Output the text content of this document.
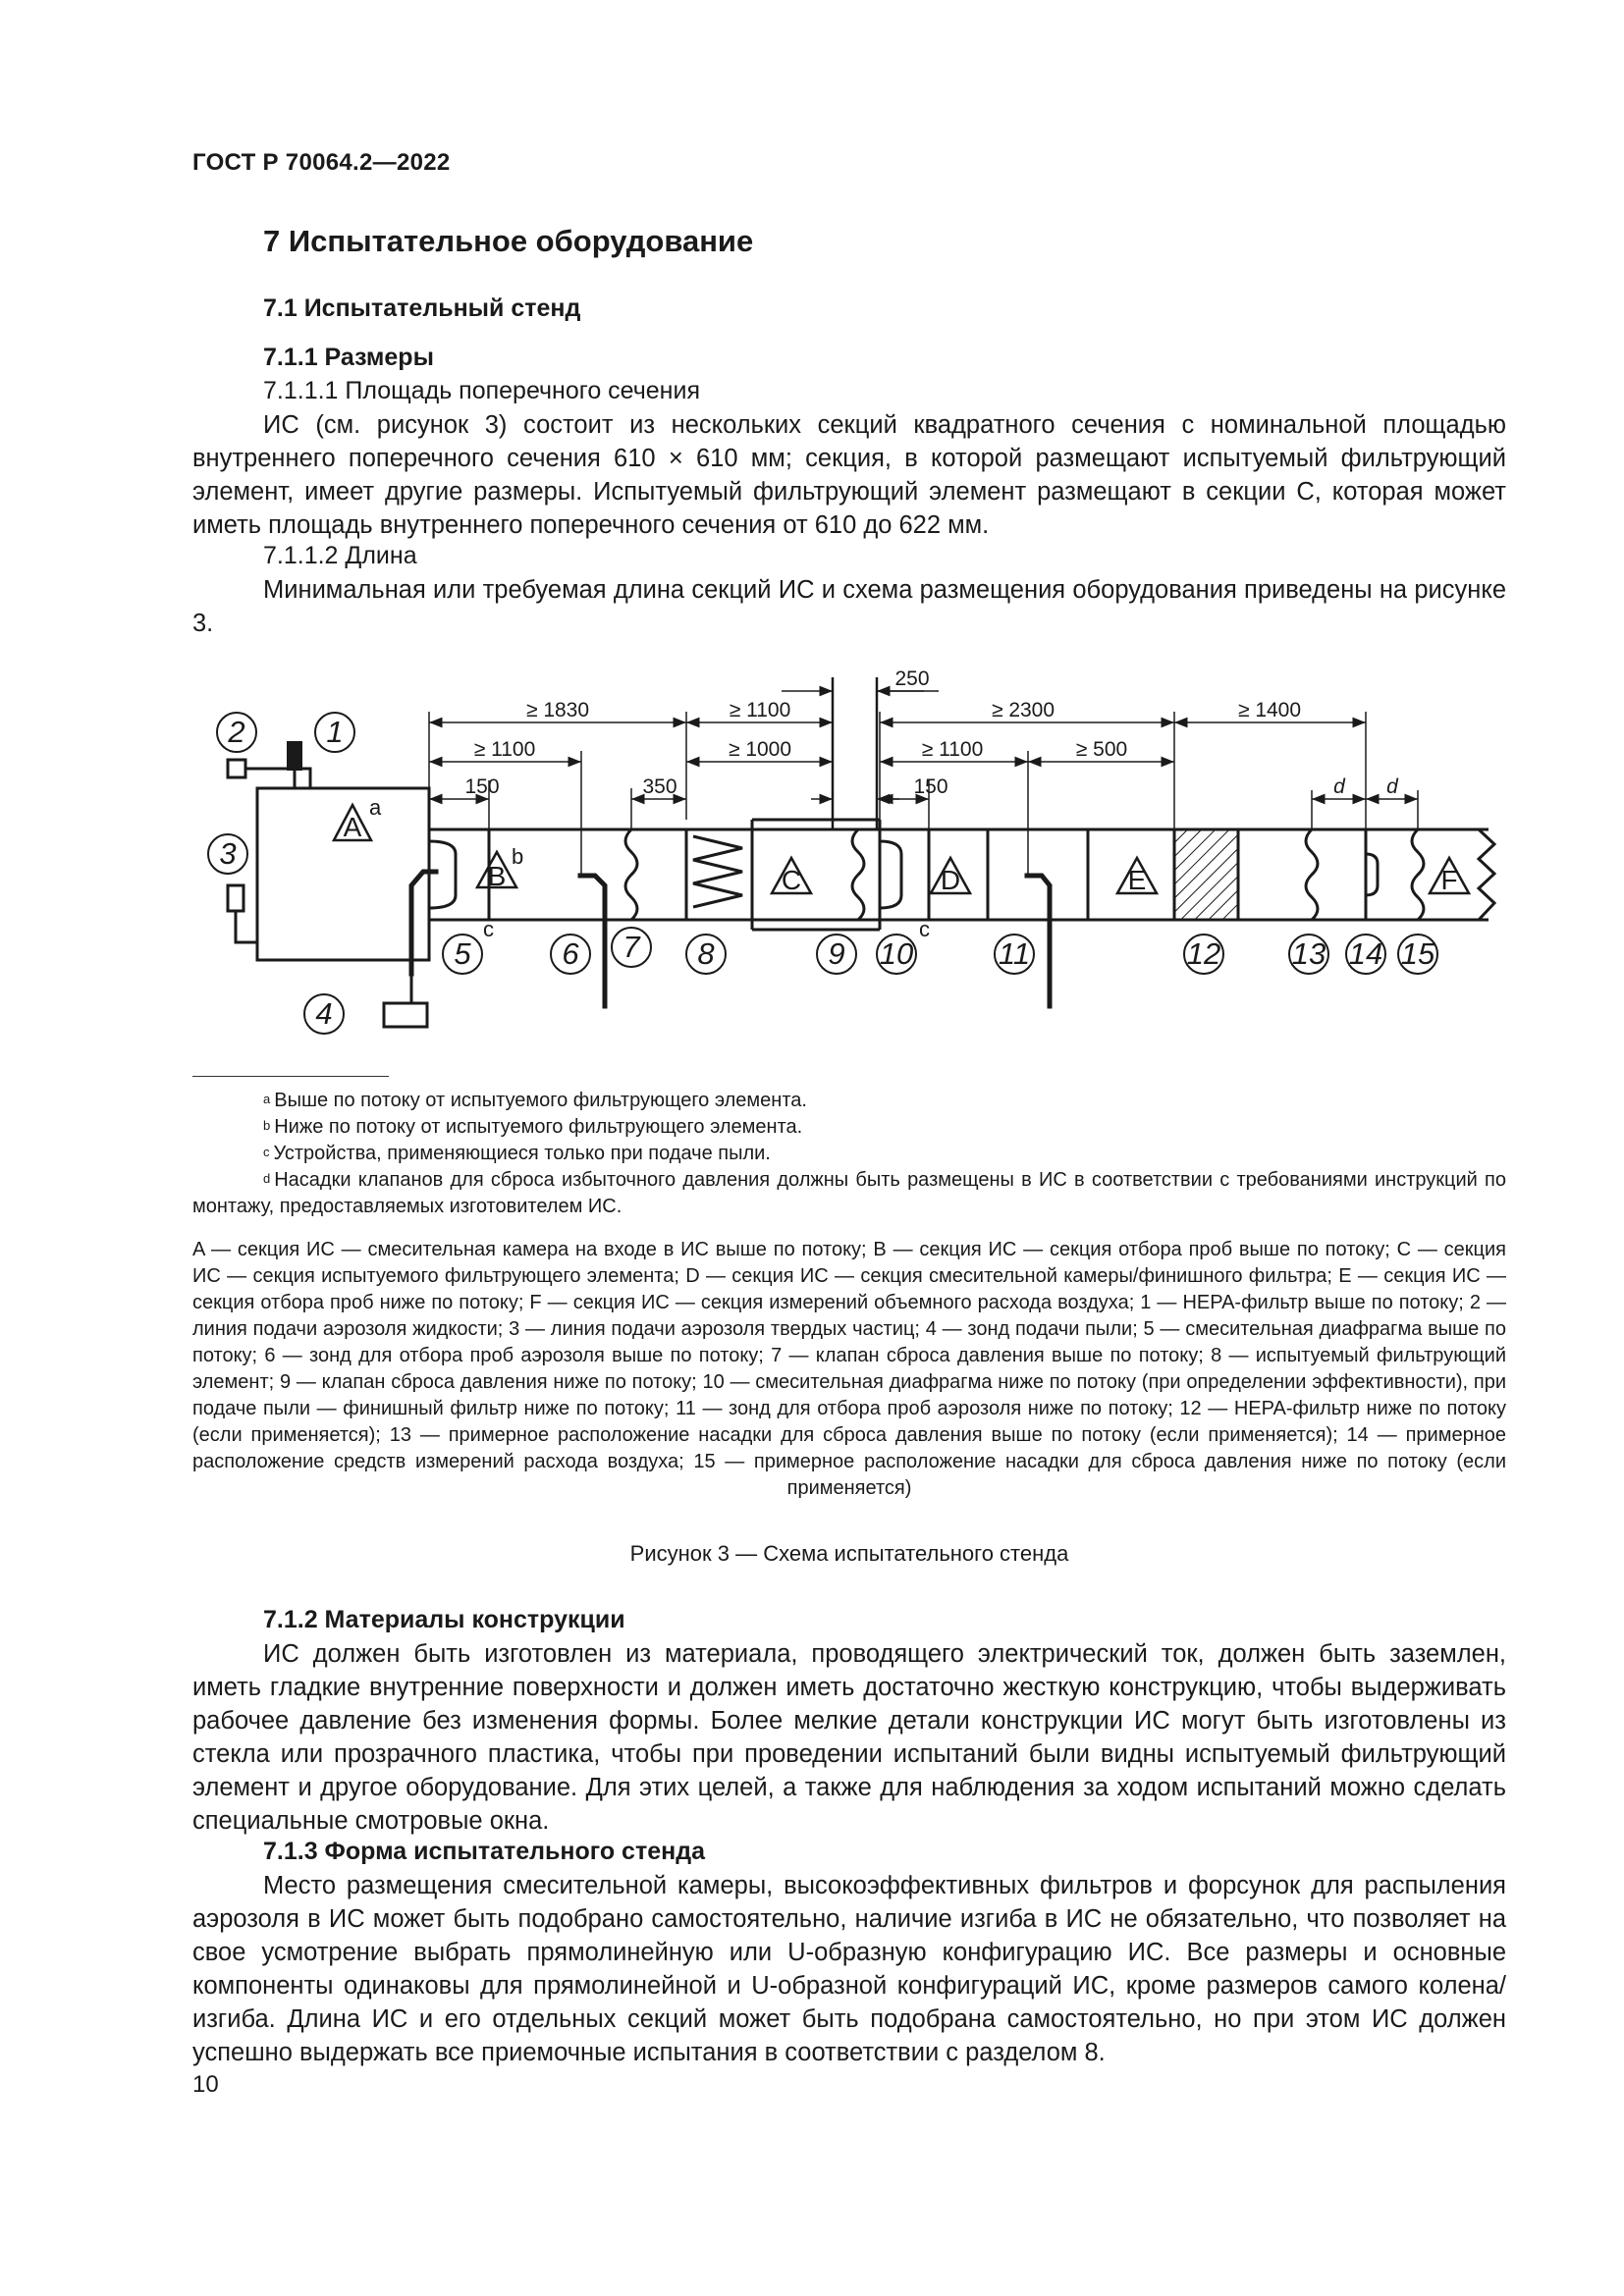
ГОСТ Р 70064.2—2022
7 Испытательное оборудование
7.1 Испытательный стенд
7.1.1 Размеры
7.1.1.1 Площадь поперечного сечения

ИС (см. рисунок 3) состоит из нескольких секций квадратного сечения с номинальной площадью внутреннего поперечного сечения 610 × 610 мм; секция, в которой размещают испытуемый фильтрующий элемент, имеет другие размеры. Испытуемый фильтрующий элемент размещают в секции С, которая может иметь площадь внутреннего поперечного сечения от 610 до 622 мм.

7.1.1.2 Длина

Минимальная или требуемая длина секций ИС и схема размещения оборудования приведены на рисунке 3.

A
a
B
b
C	D	E	F
≥ 1830	≥ 1100	≥ 2300	≥ 1400
≥ 1100	≥ 1000	≥ 1100	≥ 500
150	350	150
250
d d
1
2
3
4
5
c
6 7 8	9 10
c
11	12 13 14 15
$^a$ Выше по потоку от испытуемого фильтрующего элемента.
$^b$ Ниже по потоку от испытуемого фильтрующего элемента.
$^c$ Устройства, применяющиеся только при подаче пыли.
$^d$ Насадки клапанов для сброса избыточного давления должны быть размещены в ИС в соответствии с требованиями инструкций по монтажу, предоставляемых изготовителем ИС.

A — секция ИС — смесительная камера на входе в ИС выше по потоку; B — секция ИС — секция отбора проб выше по потоку; C — секция ИС — секция испытуемого фильтрующего элемента; D — секция ИС — секция смесительной камеры/финишного фильтра; E — секция ИС — секция отбора проб ниже по потоку; F — секция ИС — секция измерений объемного расхода воздуха; 1 — HEPA-фильтр выше по потоку; 2 — линия подачи аэрозоля жидкости; 3 — линия подачи аэрозоля твердых частиц; 4 — зонд подачи пыли; 5 — смесительная диафрагма выше по потоку; 6 — зонд для отбора проб аэрозоля выше по потоку; 7 — клапан сброса давления выше по потоку; 8 — испытуемый фильтрующий элемент; 9 — клапан сброса давления ниже по потоку; 10 — смесительная диафрагма ниже по потоку (при определении эффективности), при подаче пыли — финишный фильтр ниже по потоку; 11 — зонд для отбора проб аэрозоля ниже по потоку; 12 — HEPA-фильтр ниже по потоку (если применяется); 13 — примерное расположение насадки для сброса давления выше по потоку (если применяется); 14 — примерное расположение средств измерений расхода воздуха; 15 — примерное расположение насадки для сброса давления ниже по потоку (если применяется)

Рисунок 3 — Схема испытательного стенда
7.1.2 Материалы конструкции

ИС должен быть изготовлен из материала, проводящего электрический ток, должен быть заземлен, иметь гладкие внутренние поверхности и должен иметь достаточно жесткую конструкцию, чтобы выдерживать рабочее давление без изменения формы. Более мелкие детали конструкции ИС могут быть изготовлены из стекла или прозрачного пластика, чтобы при проведении испытаний были видны испытуемый фильтрующий элемент и другое оборудование. Для этих целей, а также для наблюдения за ходом испытаний можно сделать специальные смотровые окна.

7.1.3 Форма испытательного стенда

Место размещения смесительной камеры, высокоэффективных фильтров и форсунок для распыления аэрозоля в ИС может быть подобрано самостоятельно, наличие изгиба в ИС не обязательно, что позволяет на свое усмотрение выбрать прямолинейную или U-образную конфигурацию ИС. Все размеры и основные компоненты одинаковы для прямолинейной и U-образной конфигураций ИС, кроме размеров самого колена/изгиба. Длина ИС и его отдельных секций может быть подобрана самостоятельно, но при этом ИС должен успешно выдержать все приемочные испытания в соответствии с разделом 8.

10
